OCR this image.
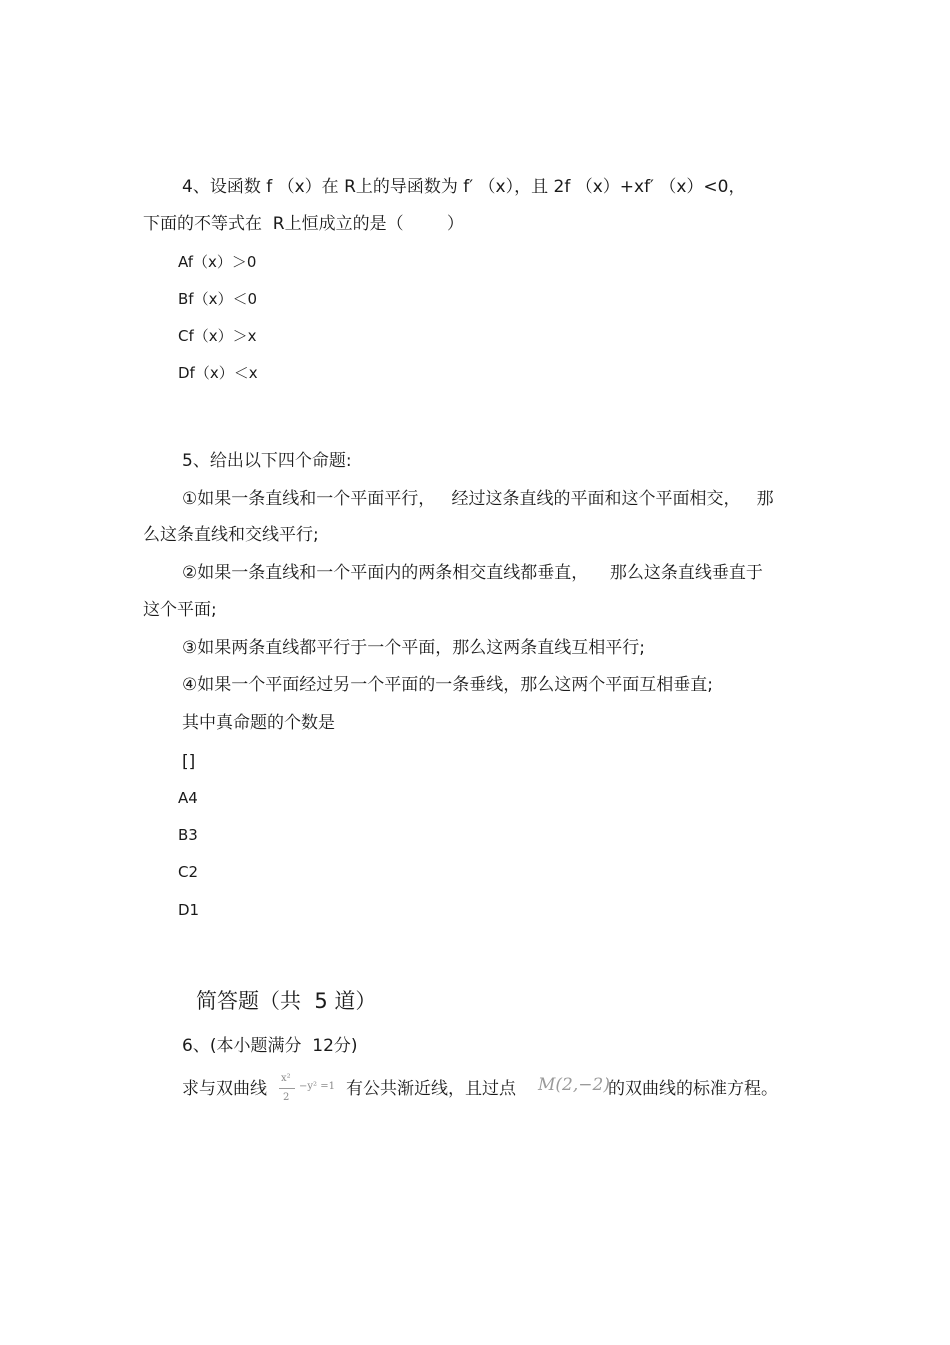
4、设函数 f （x）在 R上的导函数为 f′ （x），且 2f （x）+xf′ （x）<0，
下面的不等式在  R上恒成立的是（        ）
Af（x）＞0
Bf（x）＜0
Cf（x）＞x
Df（x）＜x
5、给出以下四个命题:
①如果一条直线和一个平面平行，   经过这条直线的平面和这个平面相交，   那
么这条直线和交线平行;
②如果一条直线和一个平面内的两条相交直线都垂直，    那么这条直线垂直于
这个平面;
③如果两条直线都平行于一个平面，那么这两条直线互相平行;
④如果一个平面经过另一个平面的一条垂线，那么这两个平面互相垂直;
其中真命题的个数是
[]
A4
B3
C2
D1
简答题（共  5 道）
6、(本小题满分  12分)
求与双曲线
x²
2
−y² =1 有公共渐近线，且过点 M(2,−2)
的双曲线的标准方程。
